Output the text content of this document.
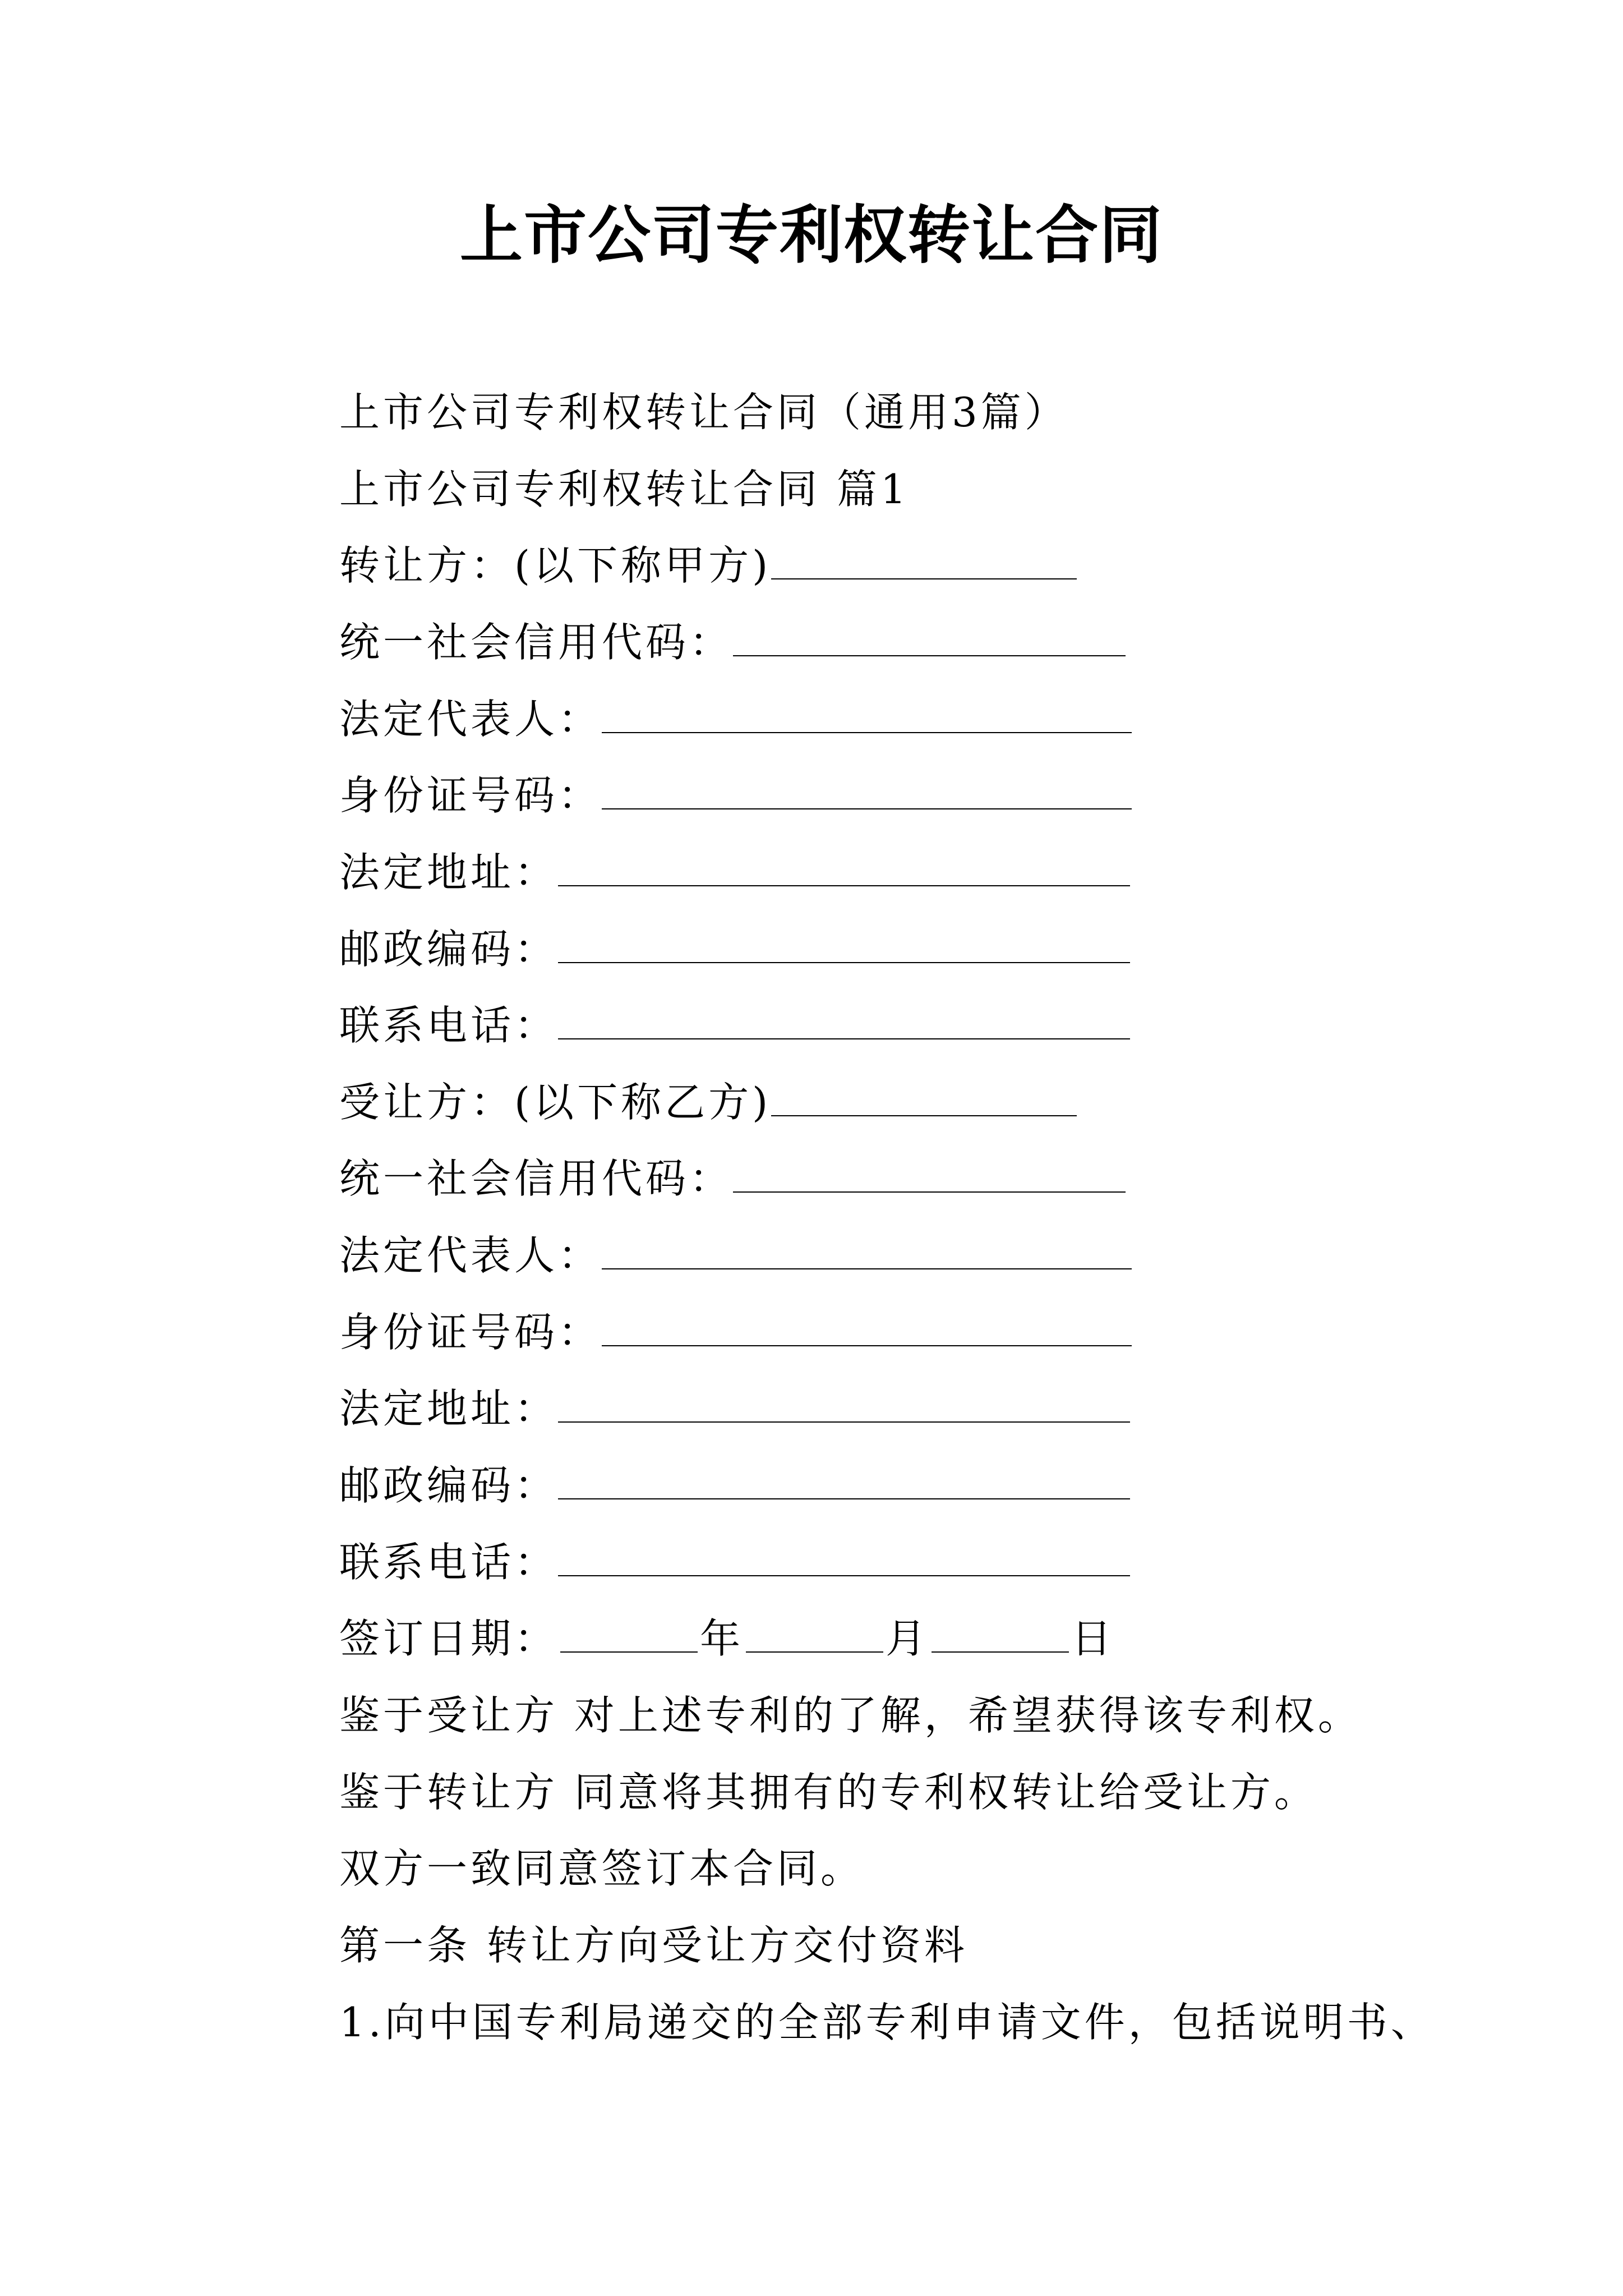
上市公司专利权转让合同
上市公司专利权转让合同（通用3篇）
上市公司专利权转让合同 篇1
转让方：(以下称甲方)
统一社会信用代码：
法定代表人：
身份证号码：
法定地址：
邮政编码：
联系电话：
受让方：(以下称乙方)
统一社会信用代码：
法定代表人：
身份证号码：
法定地址：
邮政编码：
联系电话：
签订日期：	年	月	日
鉴于受让方 对上述专利的了解，希望获得该专利权。
鉴于转让方 同意将其拥有的专利权转让给受让方。
双方一致同意签订本合同。
第一条 转让方向受让方交付资料
1.向中国专利局递交的全部专利申请文件，包括说明书、
